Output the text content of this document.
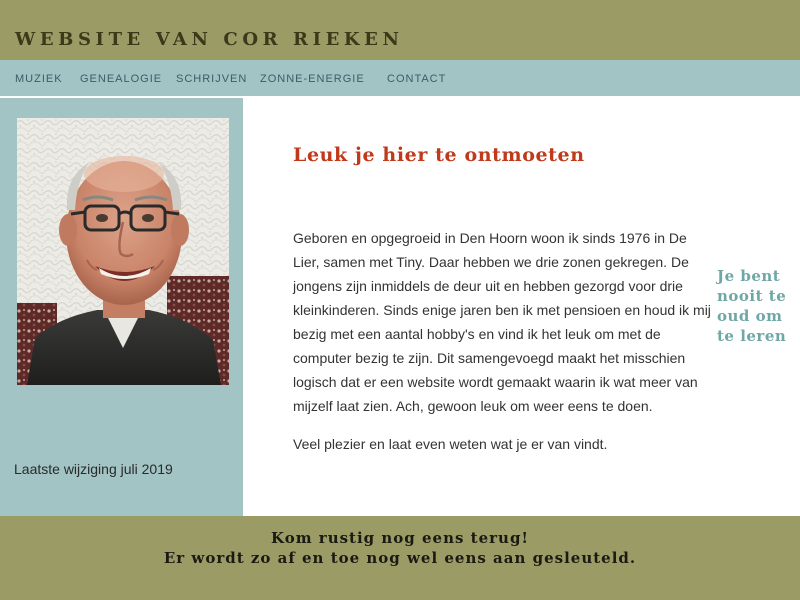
WEBSITE VAN COR RIEKEN
MUZIEK GENEALOGIE SCHRIJVEN ZONNE-ENERGIE CONTACT
Laatste wijziging juli 2019
Leuk je hier te ontmoeten

Geboren en opgegroeid in Den Hoorn woon ik sinds 1976 in De Lier, samen met Tiny. Daar hebben we drie zonen gekregen. De jongens zijn inmiddels de deur uit en hebben gezorgd voor drie kleinkinderen. Sinds enige jaren ben ik met pensioen en houd ik mij bezig met een aantal hobby's en vind ik het leuk om met de computer bezig te zijn. Dit samengevoegd maakt het misschien logisch dat er een website wordt gemaakt waarin ik wat meer van mijzelf laat zien. Ach, gewoon leuk om weer eens te doen.

Veel plezier en laat even weten wat je er van vindt.

Je bent
nooit te
oud om
te leren
Kom rustig nog eens terug!
Er wordt zo af en toe nog wel eens aan gesleuteld.
